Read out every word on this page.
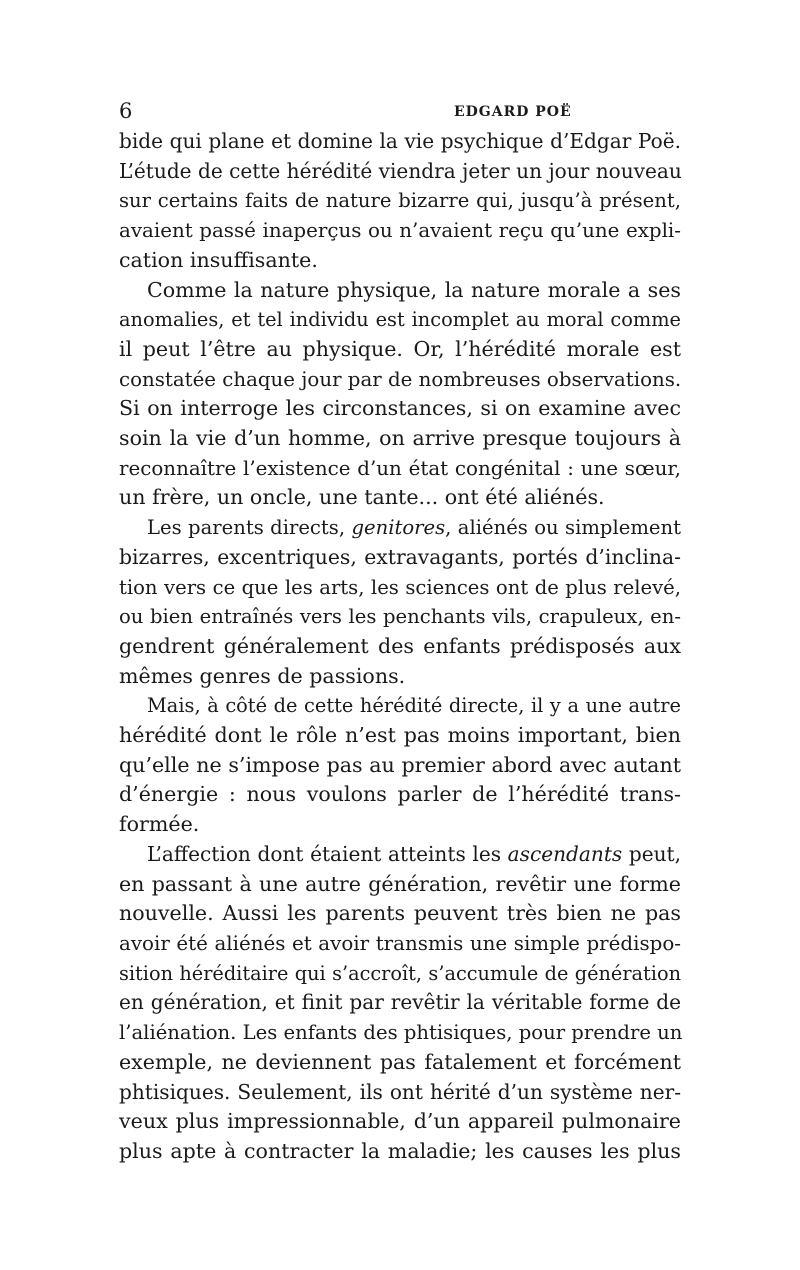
6	EDGARD POË
bide qui plane et domine la vie psychique d’Edgar Poë.
L’étude de cette hérédité viendra jeter un jour nouveau
sur certains faits de nature bizarre qui, jusqu’à présent,
avaient passé inaperçus ou n’avaient reçu qu’une expli-
cation insuffisante.
Comme la nature physique, la nature morale a ses
anomalies, et tel individu est incomplet au moral comme
il peut l’être au physique. Or, l’hérédité morale est
constatée chaque jour par de nombreuses observations.
Si on interroge les circonstances, si on examine avec
soin la vie d’un homme, on arrive presque toujours à
reconnaître l’existence d’un état congénital : une sœur,
un frère, un oncle, une tante... ont été aliénés.
Les parents directs, genitores, aliénés ou simplement
bizarres, excentriques, extravagants, portés d’inclina-
tion vers ce que les arts, les sciences ont de plus relevé,
ou bien entraînés vers les penchants vils, crapuleux, en-
gendrent généralement des enfants prédisposés aux
mêmes genres de passions.
Mais, à côté de cette hérédité directe, il y a une autre
hérédité dont le rôle n’est pas moins important, bien
qu’elle ne s’impose pas au premier abord avec autant
d’énergie : nous voulons parler de l’hérédité trans-
formée.
L’affection dont étaient atteints les ascendants peut,
en passant à une autre génération, revêtir une forme
nouvelle. Aussi les parents peuvent très bien ne pas
avoir été aliénés et avoir transmis une simple prédispo-
sition héréditaire qui s’accroît, s’accumule de génération
en génération, et finit par revêtir la véritable forme de
l’aliénation. Les enfants des phtisiques, pour prendre un
exemple, ne deviennent pas fatalement et forcément
phtisiques. Seulement, ils ont hérité d’un système ner-
veux plus impressionnable, d’un appareil pulmonaire
plus apte à contracter la maladie; les causes les plus
